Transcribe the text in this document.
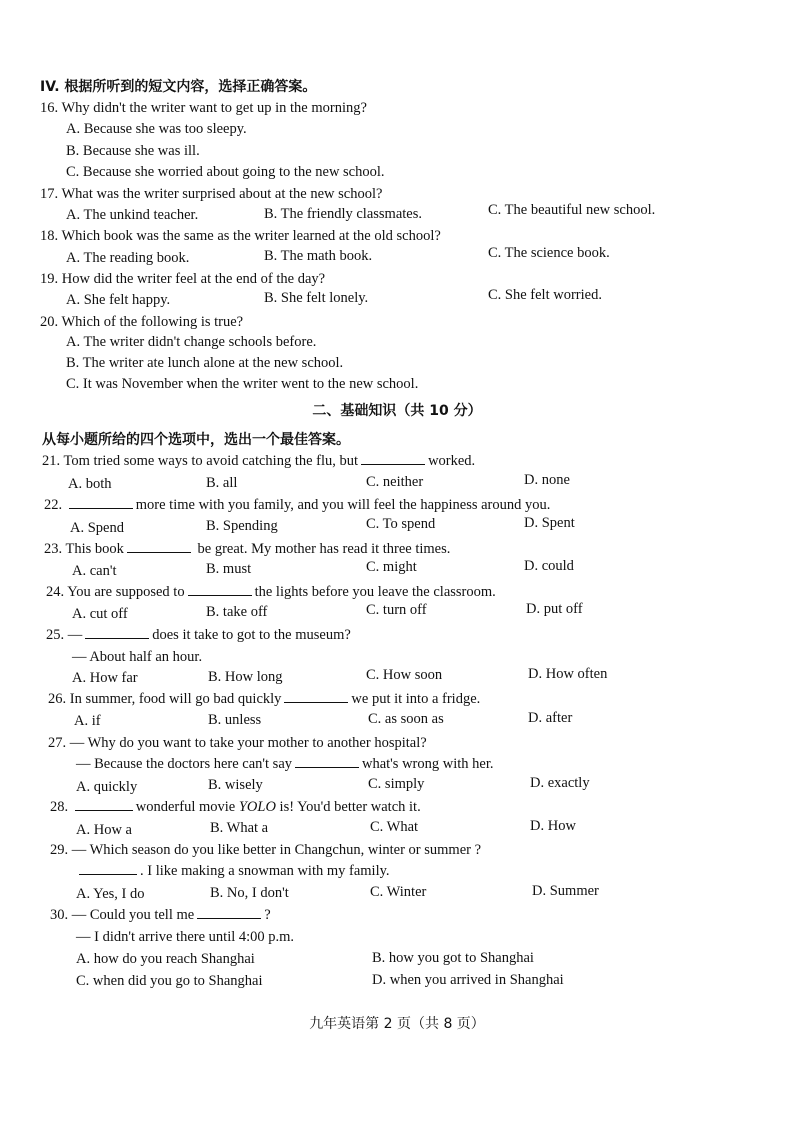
IV. 根据所听到的短文内容，选择正确答案。
16. Why didn't the writer want to get up in the morning?
A. Because she was too sleepy.
B. Because she was ill.
C. Because she worried about going to the new school.
17. What was the writer surprised about at the new school?
A. The unkind teacher.	B. The friendly classmates.	C. The beautiful new school.
18. Which book was the same as the writer learned at the old school?
A. The reading book.	B. The math book.	C. The science book.
19. How did the writer feel at the end of the day?
A. She felt happy.	B. She felt lonely.	C. She felt worried.
20. Which of the following is true?
A. The writer didn't change schools before.
B. The writer ate lunch alone at the new school.
C. It was November when the writer went to the new school.
二、基础知识（共 10 分）
从每小题所给的四个选项中，选出一个最佳答案。
21. Tom tried some ways to avoid catching the flu, but	worked.
A. both	B. all	C. neither	D. none
22.	more time with you family, and you will feel the happiness around you.
A. Spend	B. Spending	C. To spend	D. Spent
23. This book	be great. My mother has read it three times.
A. can't	B. must	C. might	D. could
24. You are supposed to	the lights before you leave the classroom.
A. cut off	B. take off	C. turn off	D. put off
25. —	does it take to got to the museum?
— About half an hour.
A. How far	B. How long	C. How soon	D. How often
26. In summer, food will go bad quickly	we put it into a fridge.
A. if	B. unless	C. as soon as	D. after
27. — Why do you want to take your mother to another hospital?
— Because the doctors here can't say	what's wrong with her.
A. quickly	B. wisely	C. simply	D. exactly
28.	wonderful movie YOLO is! You'd better watch it.
A. How a	B. What a	C. What	D. How
29. — Which season do you like better in Changchun, winter or summer ?
. I like making a snowman with my family.
A. Yes, I do	B. No, I don't	C. Winter	D. Summer
30. — Could you tell me	?
— I didn't arrive there until 4:00 p.m.
A. how do you reach Shanghai	B. how you got to Shanghai
C. when did you go to Shanghai	D. when you arrived in Shanghai
九年英语第 2 页（共 8 页）
